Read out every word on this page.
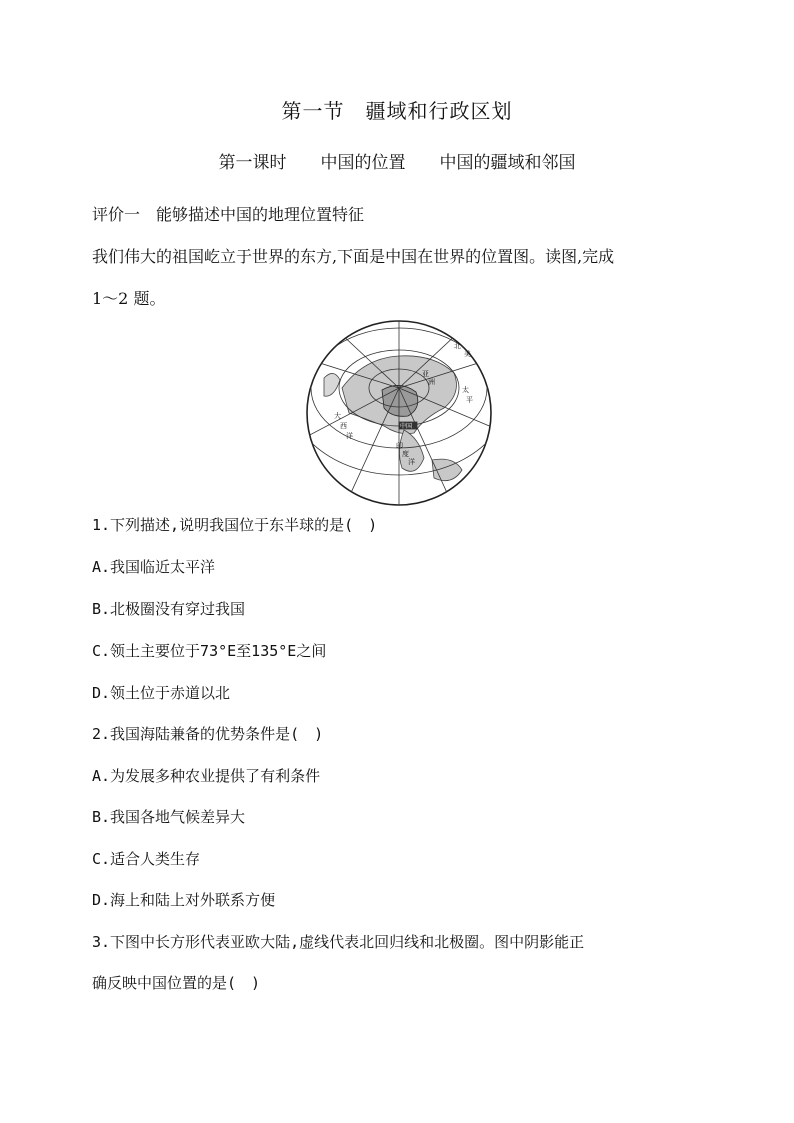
第一节　疆域和行政区划
第一课时　　中国的位置　　中国的疆域和邻国
评价一　能够描述中国的地理位置特征
我们伟大的祖国屹立于世界的东方,下面是中国在世界的位置图。读图,完成
1～2 题。
亚
洲
印
度
洋
太
平
大
西
洋
北
美
中国
1.下列描述,说明我国位于东半球的是(　)
A.我国临近太平洋
B.北极圈没有穿过我国
C.领土主要位于73°E至135°E之间
D.领土位于赤道以北
2.我国海陆兼备的优势条件是(　)
A.为发展多种农业提供了有利条件
B.我国各地气候差异大
C.适合人类生存
D.海上和陆上对外联系方便
3.下图中长方形代表亚欧大陆,虚线代表北回归线和北极圈。图中阴影能正
确反映中国位置的是(　)
